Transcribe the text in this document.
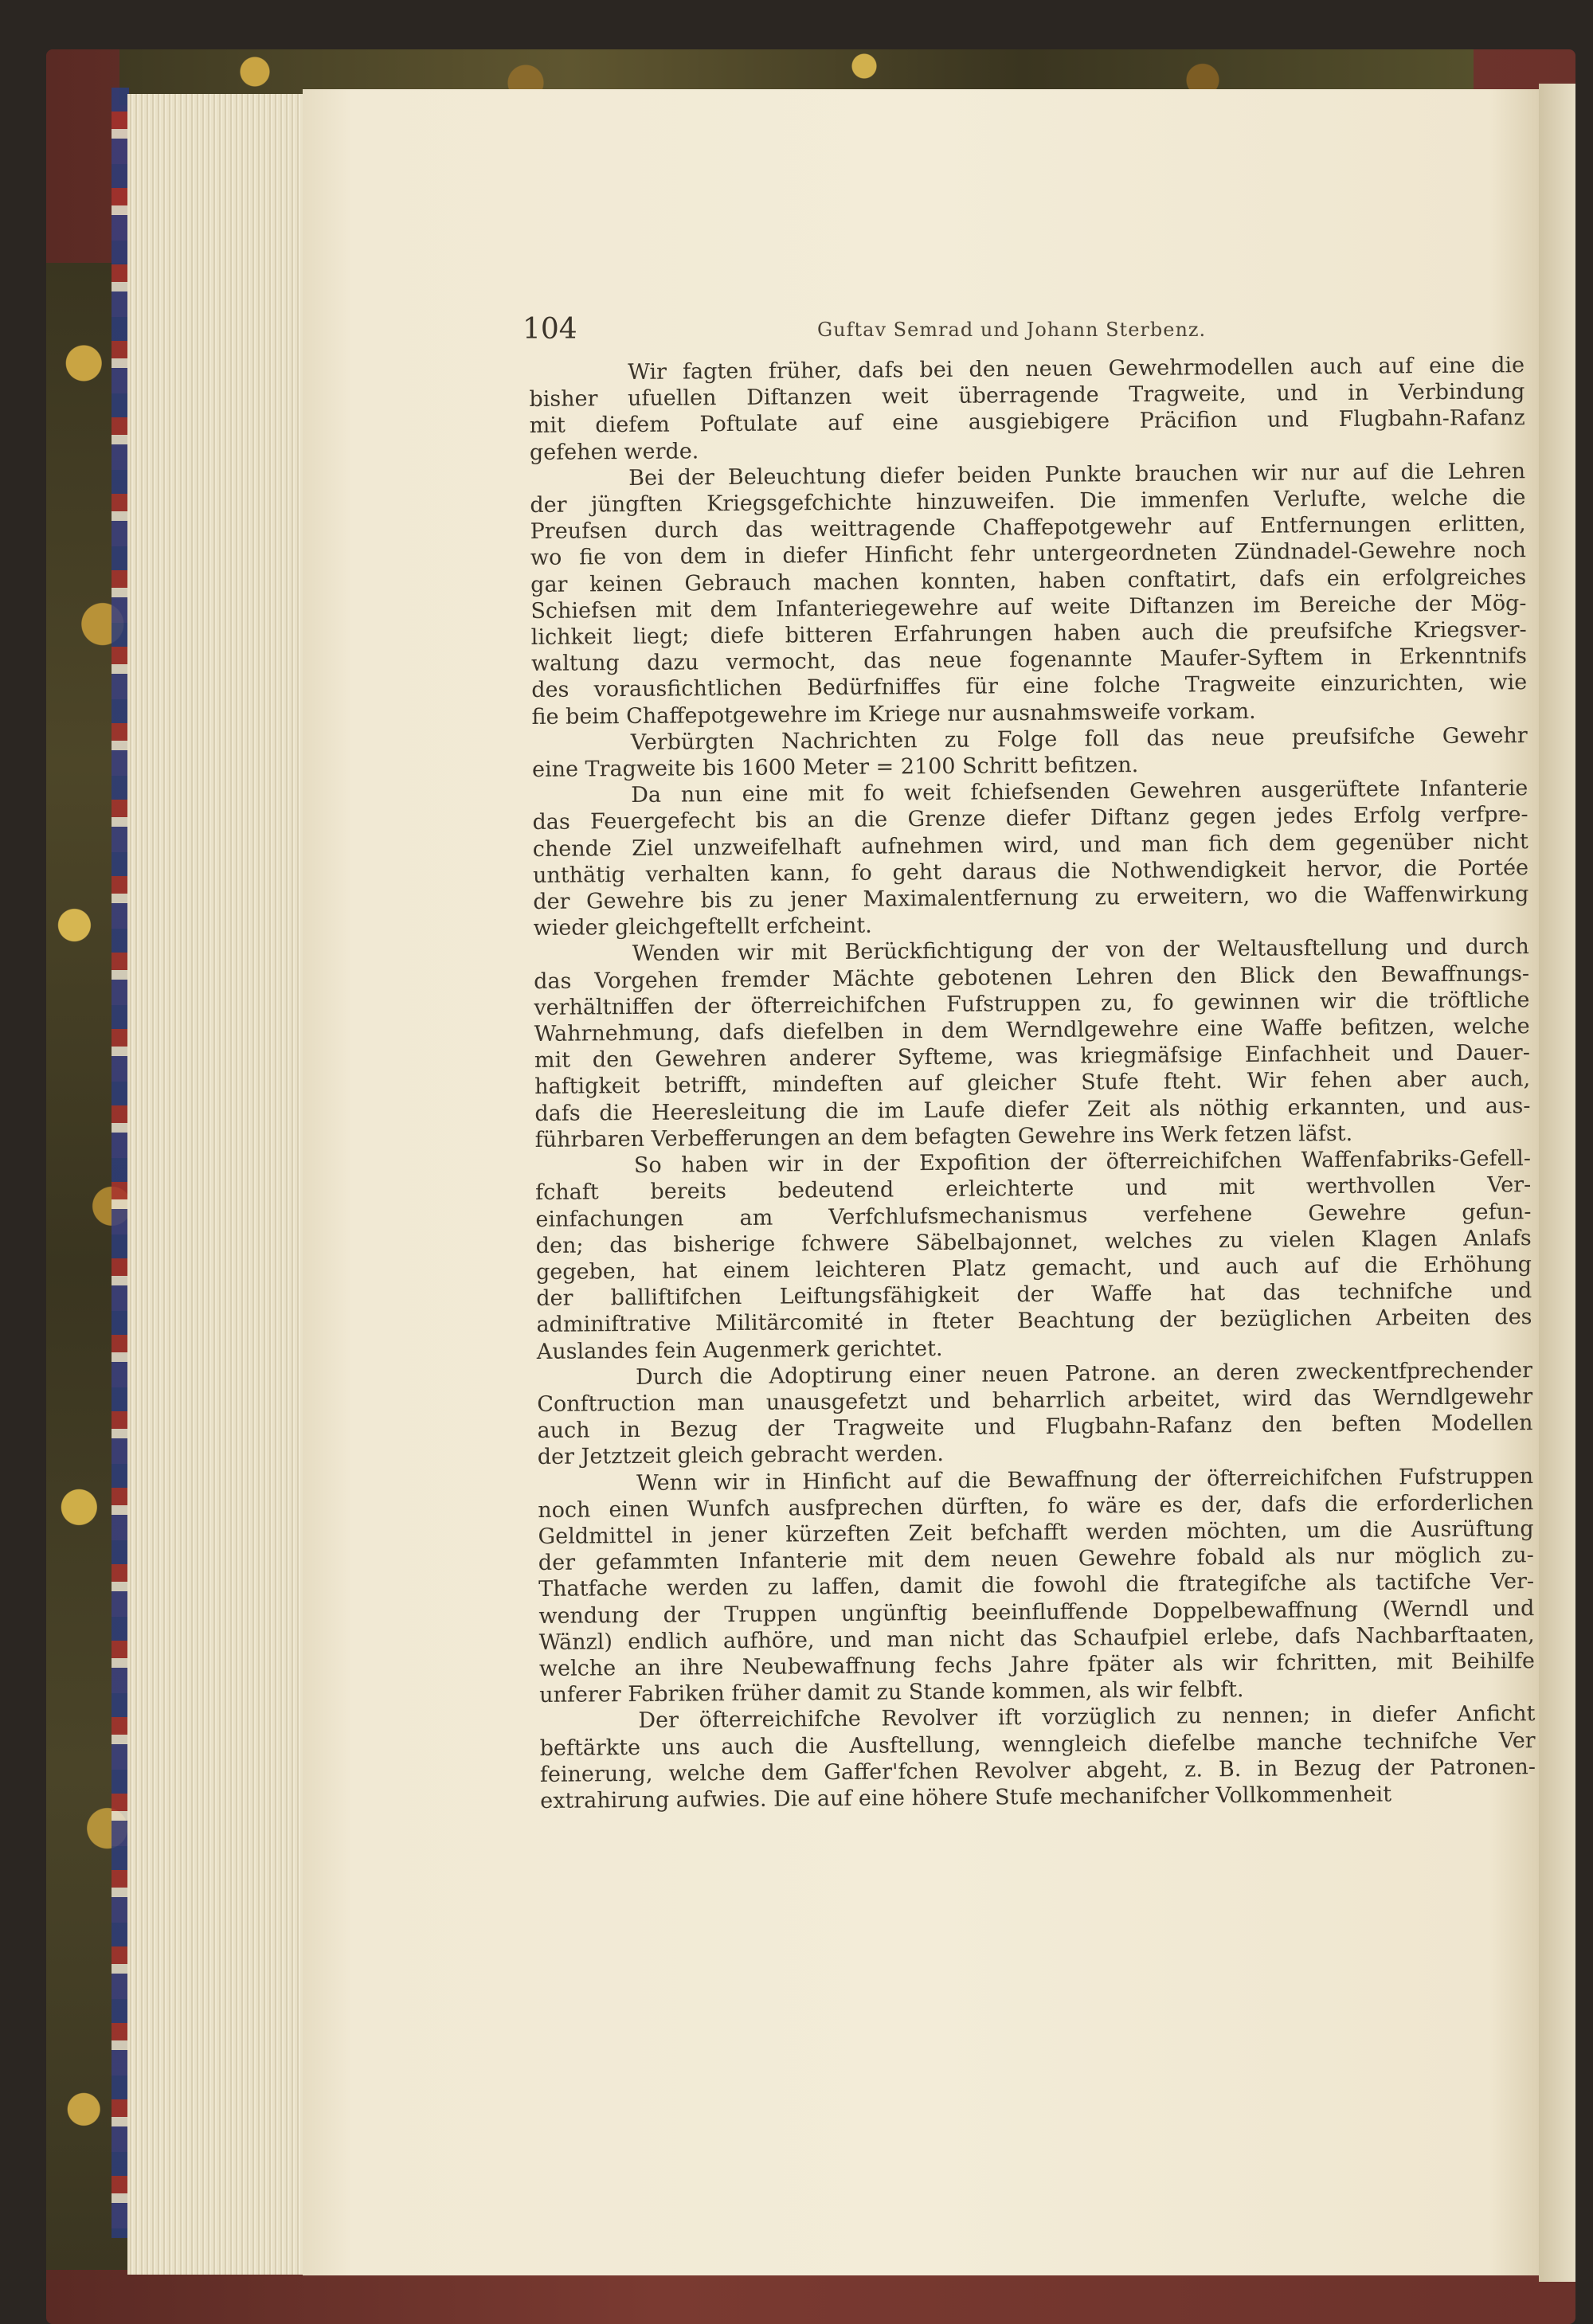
104	Guftav Semrad und Johann Sterbenz.
Wir fagten früher, dafs bei den neuen Gewehrmodellen auch auf eine die
bisher ufuellen Diftanzen weit überragende Tragweite, und in Verbindung
mit diefem Poftulate auf eine ausgiebigere Präcifion und Flugbahn-Rafanz
gefehen werde.
Bei der Beleuchtung diefer beiden Punkte brauchen wir nur auf die Lehren
der jüngften Kriegsgefchichte hinzuweifen. Die immenfen Verlufte, welche die
Preufsen durch das weittragende Chaffepotgewehr auf Entfernungen erlitten,
wo fie von dem in diefer Hinficht fehr untergeordneten Zündnadel-Gewehre noch
gar keinen Gebrauch machen konnten, haben conftatirt, dafs ein erfolgreiches
Schiefsen mit dem Infanteriegewehre auf weite Diftanzen im Bereiche der Mög-
lichkeit liegt; diefe bitteren Erfahrungen haben auch die preufsifche Kriegsver-
waltung dazu vermocht, das neue fogenannte Maufer-Syftem in Erkenntnifs
des vorausfichtlichen Bedürfniffes für eine folche Tragweite einzurichten, wie
fie beim Chaffepotgewehre im Kriege nur ausnahmsweife vorkam.
Verbürgten Nachrichten zu Folge foll das neue preufsifche Gewehr
eine Tragweite bis 1600 Meter = 2100 Schritt befitzen.
Da nun eine mit fo weit fchiefsenden Gewehren ausgerüftete Infanterie
das Feuergefecht bis an die Grenze diefer Diftanz gegen jedes Erfolg verfpre-
chende Ziel unzweifelhaft aufnehmen wird, und man fich dem gegenüber nicht
unthätig verhalten kann, fo geht daraus die Nothwendigkeit hervor, die Portée
der Gewehre bis zu jener Maximalentfernung zu erweitern, wo die Waffenwirkung
wieder gleichgeftellt erfcheint.
Wenden wir mit Berückfichtigung der von der Weltausftellung und durch
das Vorgehen fremder Mächte gebotenen Lehren den Blick den Bewaffnungs-
verhältniffen der öfterreichifchen Fufstruppen zu, fo gewinnen wir die tröftliche
Wahrnehmung, dafs diefelben in dem Werndlgewehre eine Waffe befitzen, welche
mit den Gewehren anderer Syfteme, was kriegmäfsige Einfachheit und Dauer-
haftigkeit betrifft, mindeften auf gleicher Stufe fteht. Wir fehen aber auch,
dafs die Heeresleitung die im Laufe diefer Zeit als nöthig erkannten, und aus-
führbaren Verbefferungen an dem befagten Gewehre ins Werk fetzen läfst.
So haben wir in der Expofition der öfterreichifchen Waffenfabriks-Gefell-
fchaft bereits bedeutend erleichterte und mit werthvollen Ver-
einfachungen am Verfchlufsmechanismus verfehene Gewehre gefun-
den; das bisherige fchwere Säbelbajonnet, welches zu vielen Klagen Anlafs
gegeben, hat einem leichteren Platz gemacht, und auch auf die Erhöhung
der balliftifchen Leiftungsfähigkeit der Waffe hat das technifche und
adminiftrative Militärcomité in fteter Beachtung der bezüglichen Arbeiten des
Auslandes fein Augenmerk gerichtet.
Durch die Adoptirung einer neuen Patrone. an deren zweckentfprechender
Conftruction man unausgefetzt und beharrlich arbeitet, wird das Werndlgewehr
auch in Bezug der Tragweite und Flugbahn-Rafanz den beften Modellen
der Jetztzeit gleich gebracht werden.
Wenn wir in Hinficht auf die Bewaffnung der öfterreichifchen Fufstruppen
noch einen Wunfch ausfprechen dürften, fo wäre es der, dafs die erforderlichen
Geldmittel in jener kürzeften Zeit befchafft werden möchten, um die Ausrüftung
der gefammten Infanterie mit dem neuen Gewehre fobald als nur möglich zu-
Thatfache werden zu laffen, damit die fowohl die ftrategifche als tactifche Ver-
wendung der Truppen ungünftig beeinfluffende Doppelbewaffnung (Werndl und
Wänzl) endlich aufhöre, und man nicht das Schaufpiel erlebe, dafs Nachbarftaaten,
welche an ihre Neubewaffnung fechs Jahre fpäter als wir fchritten, mit Beihilfe
unferer Fabriken früher damit zu Stande kommen, als wir felbft.
Der öfterreichifche Revolver ift vorzüglich zu nennen; in diefer Anficht
beftärkte uns auch die Ausftellung, wenngleich diefelbe manche technifche Ver
feinerung, welche dem Gaffer'fchen Revolver abgeht, z. B. in Bezug der Patronen-
extrahirung aufwies. Die auf eine höhere Stufe mechanifcher Vollkommenheit
